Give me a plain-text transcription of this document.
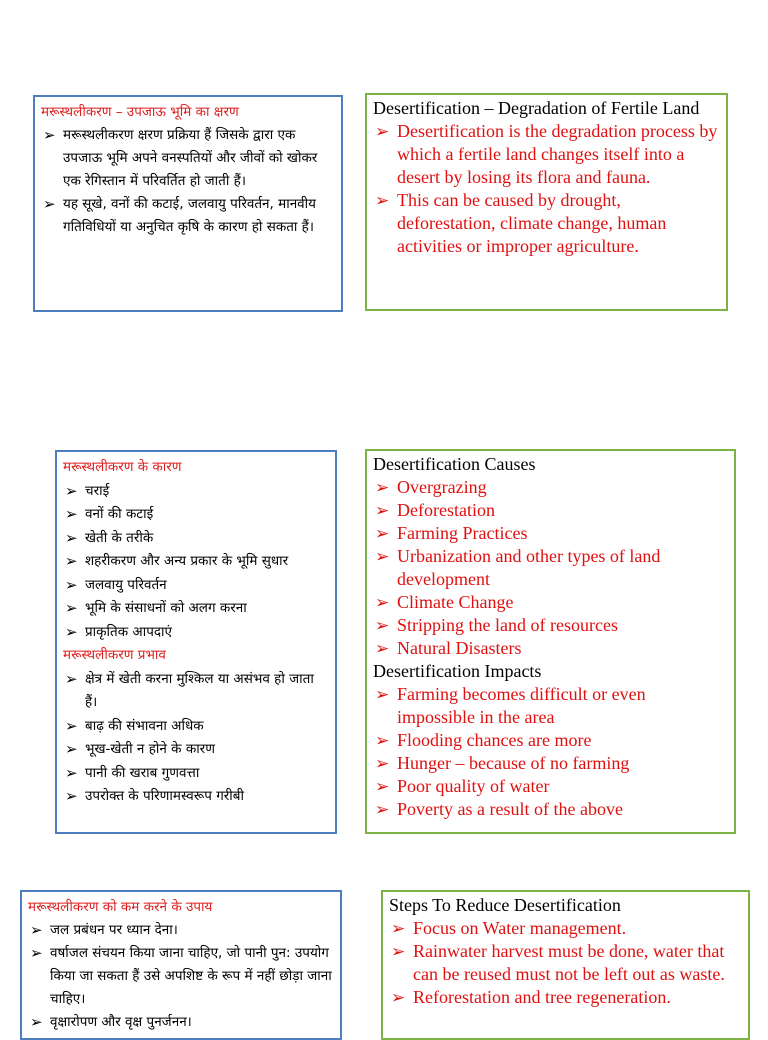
मरूस्थलीकरण – उपजाऊ भूमि का क्षरण
➢ मरूस्थलीकरण क्षरण प्रक्रिया हैं जिसके द्वारा एक उपजाऊ भूमि अपने वनस्पतियों और जीवों को खोकर एक रेगिस्तान में परिवर्तित हो जाती हैं।
➢ यह सूखे, वनों की कटाई, जलवायु परिवर्तन, मानवीय गतिविधियों या अनुचित कृषि के कारण हो सकता हैं।
Desertification – Degradation of Fertile Land
➢ Desertification is the degradation process by which a fertile land changes itself into a desert by losing its flora and fauna.
➢ This can be caused by drought, deforestation, climate change, human activities or improper agriculture.
मरूस्थलीकरण के कारण
➢ चराई
➢ वनों की कटाई
➢ खेती के तरीके
➢ शहरीकरण और अन्य प्रकार के भूमि सुधार
➢ जलवायु परिवर्तन
➢ भूमि के संसाधनों को अलग करना
➢ प्राकृतिक आपदाएं
मरूस्थलीकरण प्रभाव
➢ क्षेत्र में खेती करना मुश्किल या असंभव हो जाता हैं।
➢ बाढ़ की संभावना अधिक
➢ भूख-खेती न होने के कारण
➢ पानी की खराब गुणवत्ता
➢ उपरोक्त के परिणामस्वरूप गरीबी
Desertification Causes
➢ Overgrazing
➢ Deforestation
➢ Farming Practices
➢ Urbanization and other types of land development
➢ Climate Change
➢ Stripping the land of resources
➢ Natural Disasters
Desertification Impacts
➢ Farming becomes difficult or even impossible in the area
➢ Flooding chances are more
➢ Hunger – because of no farming
➢ Poor quality of water
➢ Poverty as a result of the above
मरूस्थलीकरण को कम करने के उपाय
➢ जल प्रबंधन पर ध्यान देना।
➢ वर्षाजल संचयन किया जाना चाहिए, जो पानी पुन: उपयोग किया जा सकता हैं उसे अपशिष्ट के रूप में नहीं छोड़ा जाना चाहिए।
➢ वृक्षारोपण और वृक्ष पुनर्जनन।
Steps To Reduce Desertification
➢ Focus on Water management.
➢ Rainwater harvest must be done, water that can be reused must not be left out as waste.
➢ Reforestation and tree regeneration.
